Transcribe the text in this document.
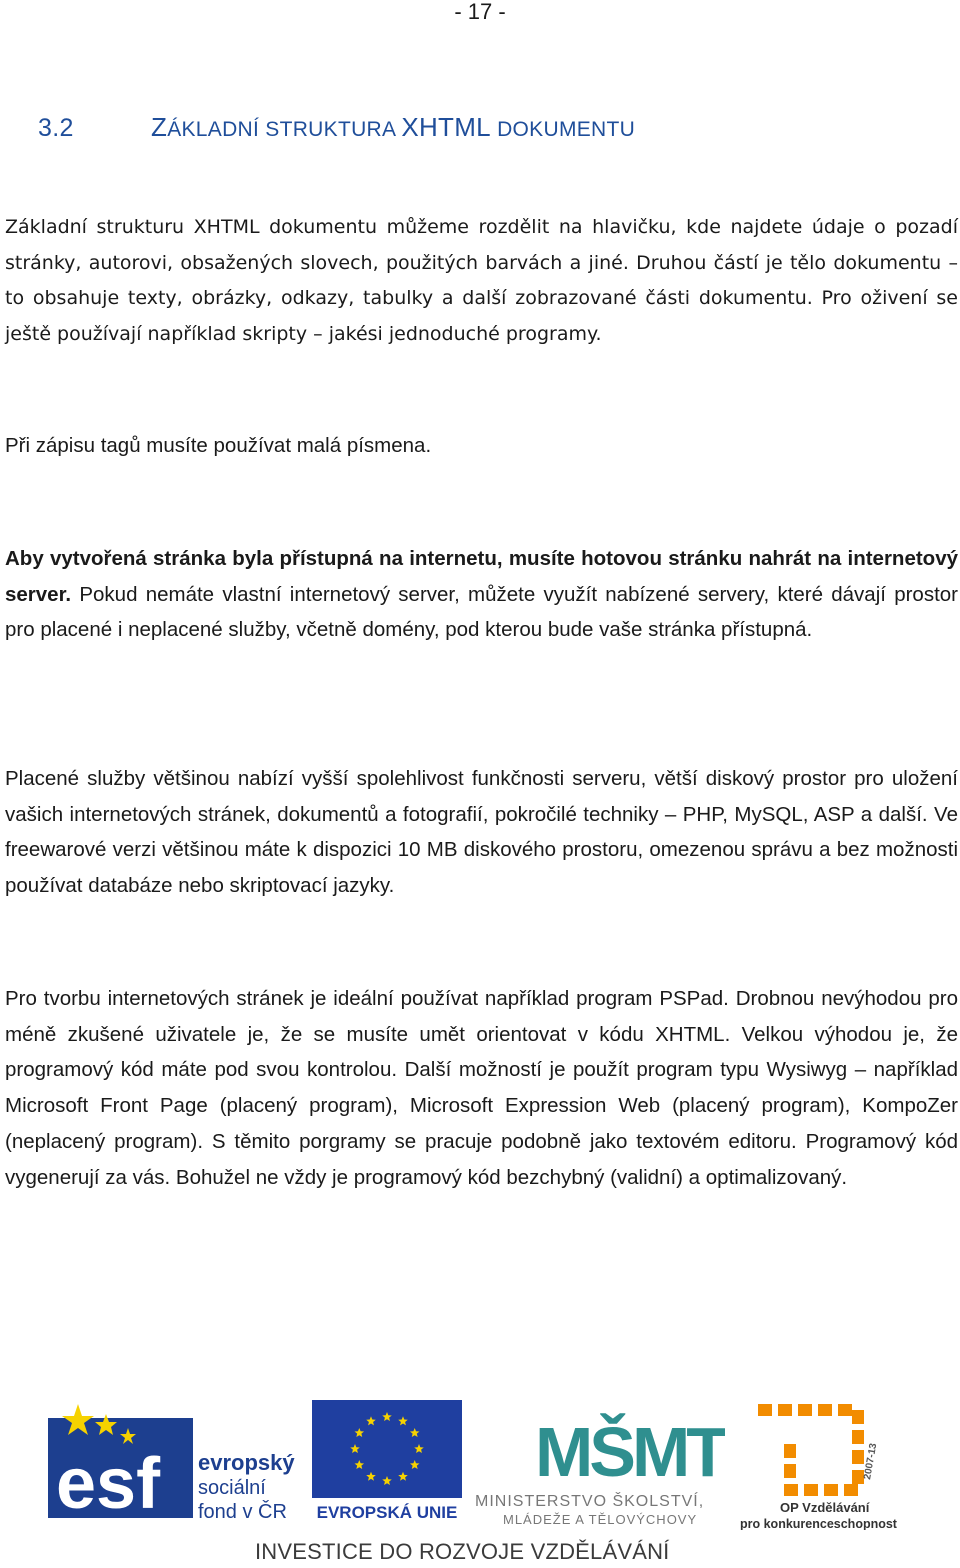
- 17 -
3.2	ZÁKLADNÍ STRUKTURA XHTML DOKUMENTU

Základní strukturu XHTML dokumentu můžeme rozdělit na hlavičku, kde najdete údaje o pozadí stránky, autorovi, obsažených slovech, použitých barvách a jiné. Druhou částí je tělo dokumentu – to obsahuje texty, obrázky, odkazy, tabulky a další zobrazované části dokumentu. Pro oživení se ještě používají například skripty – jakési jednoduché programy.

Při zápisu tagů musíte používat malá písmena.

Aby vytvořená stránka byla přístupná na internetu, musíte hotovou stránku nahrát na internetový server. Pokud nemáte vlastní internetový server, můžete využít nabízené servery, které dávají prostor pro placené i neplacené služby, včetně domény, pod kterou bude vaše stránka přístupná.

Placené služby většinou nabízí vyšší spolehlivost funkčnosti serveru, větší diskový prostor pro uložení vašich internetových stránek, dokumentů a fotografií, pokročilé techniky – PHP, MySQL, ASP a další. Ve freewarové verzi většinou máte k dispozici 10 MB diskového prostoru, omezenou správu a bez možnosti používat databáze nebo skriptovací jazyky.

Pro tvorbu internetových stránek je ideální používat například program PSPad. Drobnou nevýhodou pro méně zkušené uživatele je, že se musíte umět orientovat v kódu XHTML. Velkou výhodou je, že programový kód máte pod svou kontrolou. Další možností je použít program typu Wysiwyg – například Microsoft Front Page (placený program), Microsoft Expression Web (placený program), KompoZer (neplacený program). S těmito porgramy se pracuje podobně jako textovém editoru. Programový kód vygenerují za vás. Bohužel ne vždy je programový kód bezchybný (validní) a optimalizovaný.

esf evropský
sociální
fond v ČR EVROPSKÁ UNIE
MŠMT
MINISTERSTVO ŠKOLSTVÍ,
MLÁDEŽE A TĚLOVÝCHOVY
2007-13
OP Vzdělávání
pro konkurenceschopnost
INVESTICE DO ROZVOJE VZDĚLÁVÁNÍ
